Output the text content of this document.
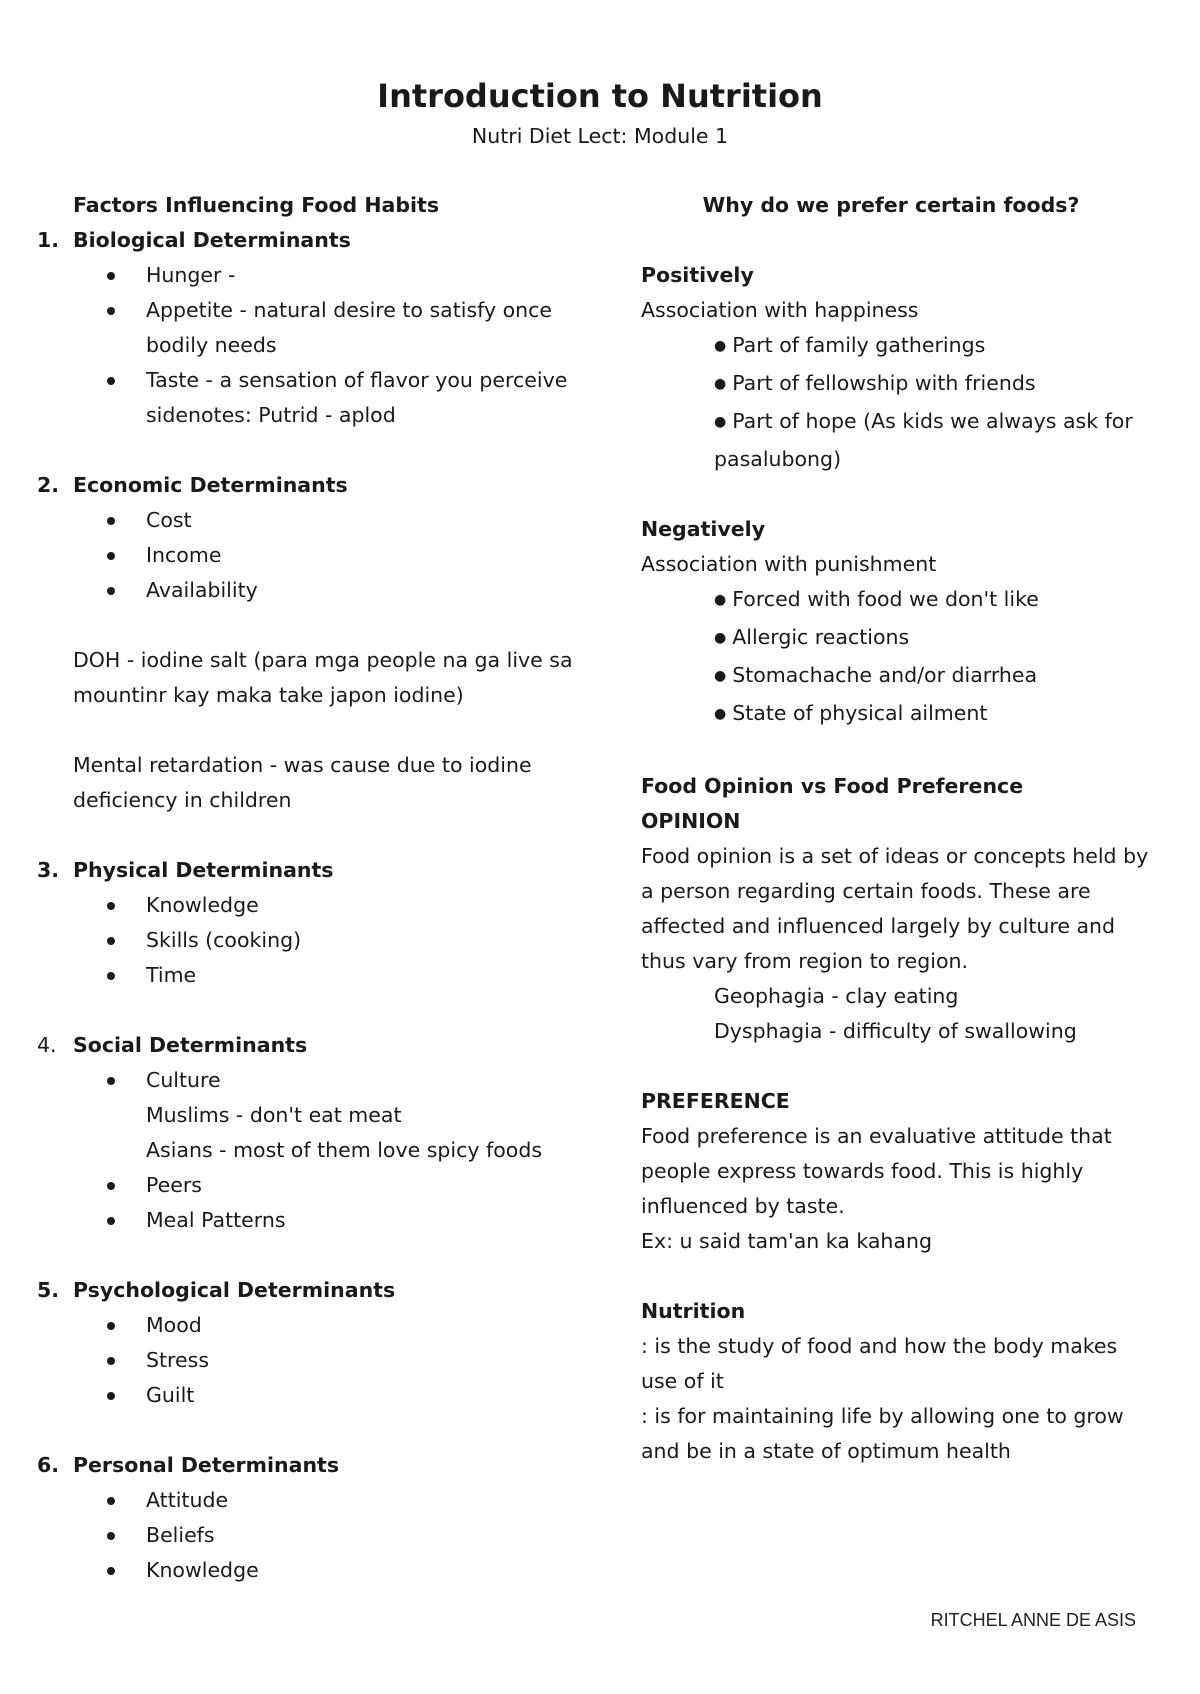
Introduction to Nutrition

Nutri Diet Lect: Module 1

Factors Influencing Food Habits

1. Biological Determinants
Hunger -
Appetite - natural desire to satisfy once

bodily needs

Taste - a sensation of flavor you perceive

sidenotes: Putrid - aplod

2. Economic Determinants
Cost
Income
Availability

DOH - iodine salt (para mga people na ga live sa

mountinr kay maka take japon iodine)

Mental retardation - was cause due to iodine

deficiency in children

3. Physical Determinants
Knowledge
Skills (cooking)
Time
4. Social Determinants
Culture

Muslims - don't eat meat

Asians - most of them love spicy foods

Peers
Meal Patterns
5. Psychological Determinants
Mood
Stress
Guilt
6. Personal Determinants
Attitude
Beliefs
Knowledge

Why do we prefer certain foods?

Positively

Association with happiness

● Part of family gatherings

● Part of fellowship with friends

● Part of hope (As kids we always ask for

pasalubong)

Negatively

Association with punishment

● Forced with food we don't like

● Allergic reactions

● Stomachache and/or diarrhea

● State of physical ailment

Food Opinion vs Food Preference

OPINION

Food opinion is a set of ideas or concepts held by

a person regarding certain foods. These are

affected and influenced largely by culture and

thus vary from region to region.

Geophagia - clay eating

Dysphagia - difficulty of swallowing

PREFERENCE

Food preference is an evaluative attitude that

people express towards food. This is highly

influenced by taste.

Ex: u said tam'an ka kahang

Nutrition

: is the study of food and how the body makes

use of it

: is for maintaining life by allowing one to grow

and be in a state of optimum health

RITCHEL ANNE DE ASIS
